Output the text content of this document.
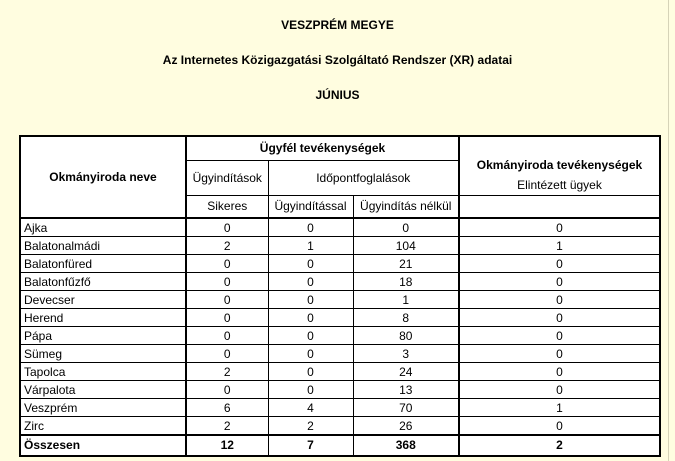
VESZPRÉM MEGYE
Az Internetes Közigazgatási Szolgáltató Rendszer (XR) adatai
JÚNIUS
Okmányiroda neve	Ügyfél tevékenységek			Okmányiroda tevékenységek
	Ügyindítások	Időpontfoglalások		
	Sikeres	Ügyindítással	Ügyindítás nélkül	Elintézett ügyek
Ajka	0	0	0	0
Balatonalmádi	2	1	104	1
Balatonfüred	0	0	21	0
Balatonfűzfő	0	0	18	0
Devecser	0	0	1	0
Herend	0	0	8	0
Pápa	0	0	80	0
Sümeg	0	0	3	0
Tapolca	2	0	24	0
Várpalota	0	0	13	0
Veszprém	6	4	70	1
Zirc	2	2	26	0
Összesen	12	7	368	2
